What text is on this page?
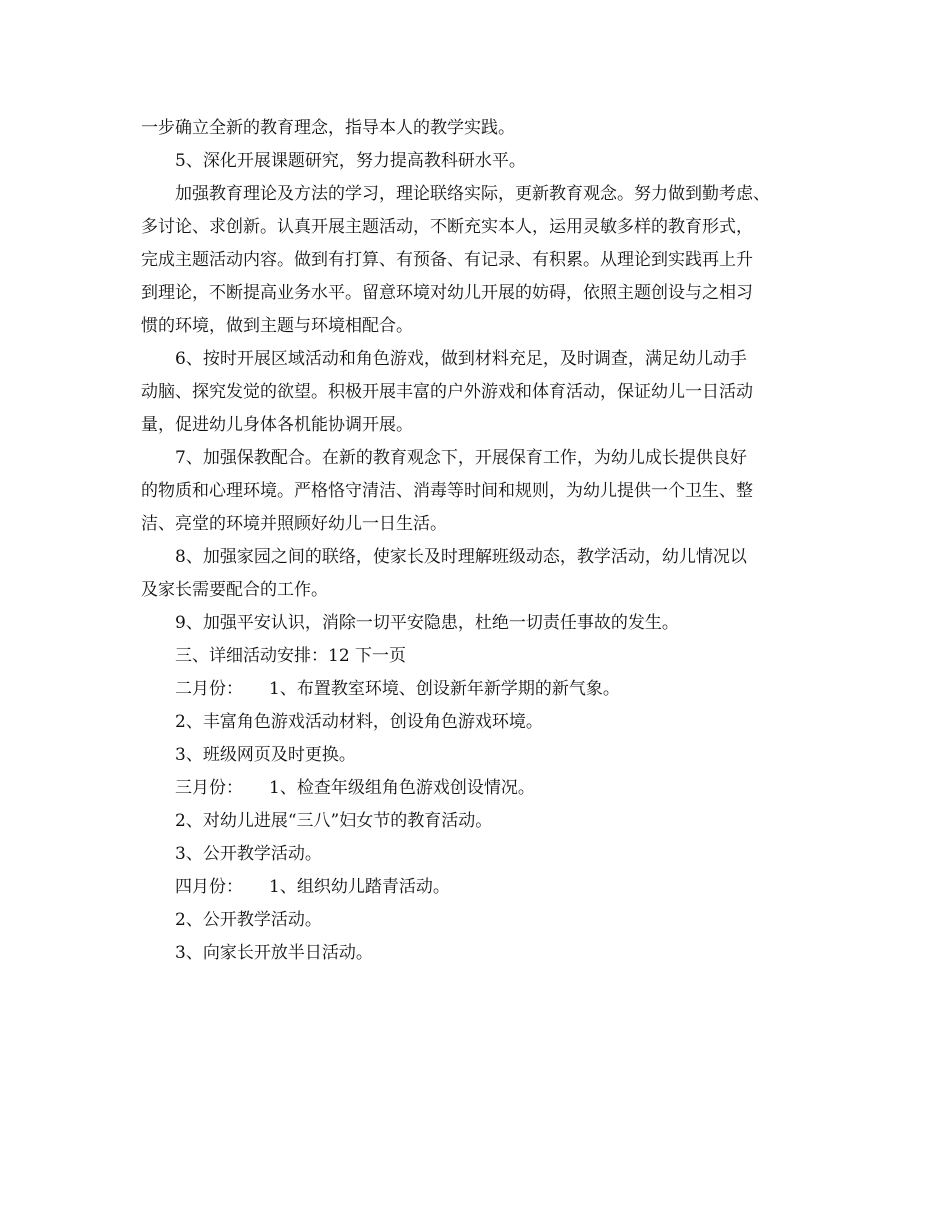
一步确立全新的教育理念，指导本人的教学实践。
5、深化开展课题研究，努力提高教科研水平。
加强教育理论及方法的学习，理论联络实际，更新教育观念。努力做到勤考虑、
多讨论、求创新。认真开展主题活动，不断充实本人，运用灵敏多样的教育形式，
完成主题活动内容。做到有打算、有预备、有记录、有积累。从理论到实践再上升
到理论，不断提高业务水平。留意环境对幼儿开展的妨碍，依照主题创设与之相习
惯的环境，做到主题与环境相配合。
6、按时开展区域活动和角色游戏，做到材料充足，及时调查，满足幼儿动手
动脑、探究发觉的欲望。积极开展丰富的户外游戏和体育活动，保证幼儿一日活动
量，促进幼儿身体各机能协调开展。
7、加强保教配合。在新的教育观念下，开展保育工作，为幼儿成长提供良好
的物质和心理环境。严格恪守清洁、消毒等时间和规则，为幼儿提供一个卫生、整
洁、亮堂的环境并照顾好幼儿一日生活。
8、加强家园之间的联络，使家长及时理解班级动态，教学活动，幼儿情况以
及家长需要配合的工作。
9、加强平安认识，消除一切平安隐患，杜绝一切责任事故的发生。
三、详细活动安排：12 下一页
二月份： 1、布置教室环境、创设新年新学期的新气象。
2、丰富角色游戏活动材料，创设角色游戏环境。
3、班级网页及时更换。
三月份： 1、检查年级组角色游戏创设情况。
2、对幼儿进展“三八”妇女节的教育活动。
3、公开教学活动。
四月份： 1、组织幼儿踏青活动。
2、公开教学活动。
3、向家长开放半日活动。
